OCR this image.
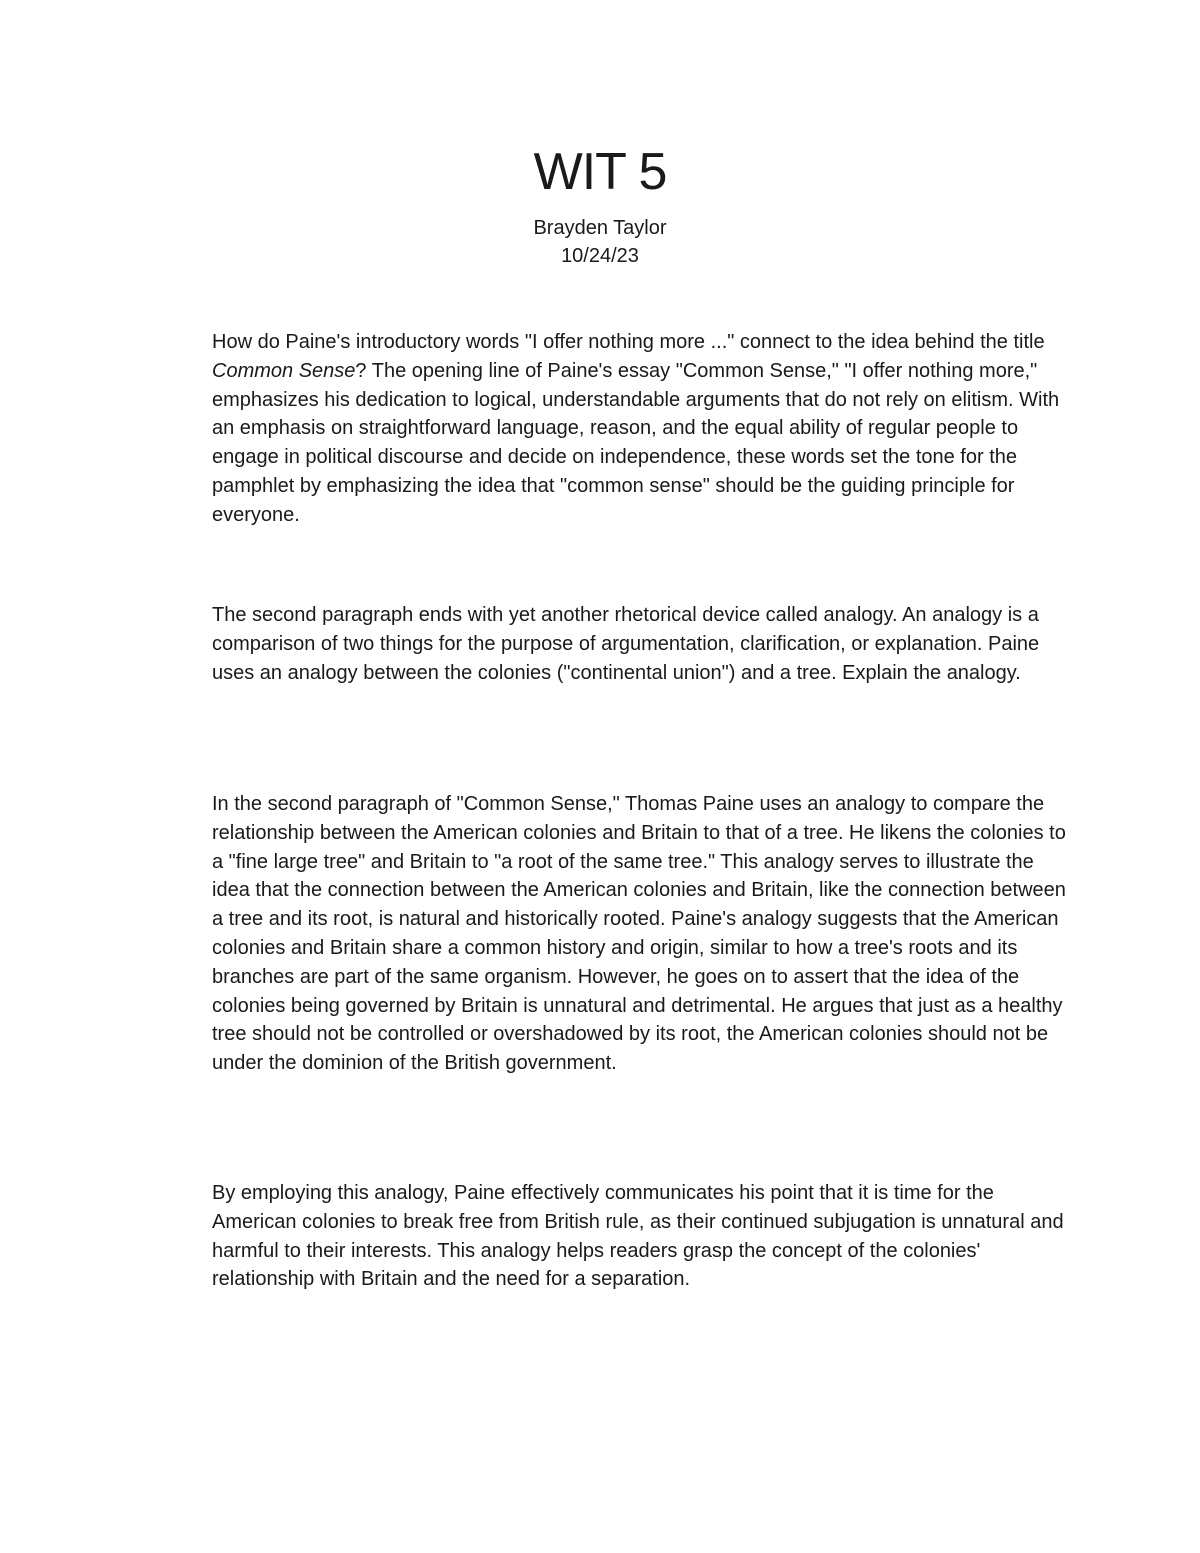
WIT 5
Brayden Taylor
10/24/23

How do Paine's introductory words "I offer nothing more ..." connect to the idea behind the title Common Sense? The opening line of Paine's essay "Common Sense," "I offer nothing more," emphasizes his dedication to logical, understandable arguments that do not rely on elitism. With an emphasis on straightforward language, reason, and the equal ability of regular people to engage in political discourse and decide on independence, these words set the tone for the pamphlet by emphasizing the idea that "common sense" should be the guiding principle for everyone.

The second paragraph ends with yet another rhetorical device called analogy. An analogy is a comparison of two things for the purpose of argumentation, clarification, or explanation. Paine uses an analogy between the colonies ("continental union") and a tree. Explain the analogy.

In the second paragraph of "Common Sense," Thomas Paine uses an analogy to compare the relationship between the American colonies and Britain to that of a tree. He likens the colonies to a "fine large tree" and Britain to "a root of the same tree." This analogy serves to illustrate the idea that the connection between the American colonies and Britain, like the connection between a tree and its root, is natural and historically rooted. Paine's analogy suggests that the American colonies and Britain share a common history and origin, similar to how a tree's roots and its branches are part of the same organism. However, he goes on to assert that the idea of the colonies being governed by Britain is unnatural and detrimental. He argues that just as a healthy tree should not be controlled or overshadowed by its root, the American colonies should not be under the dominion of the British government.

By employing this analogy, Paine effectively communicates his point that it is time for the American colonies to break free from British rule, as their continued subjugation is unnatural and harmful to their interests. This analogy helps readers grasp the concept of the colonies' relationship with Britain and the need for a separation.
